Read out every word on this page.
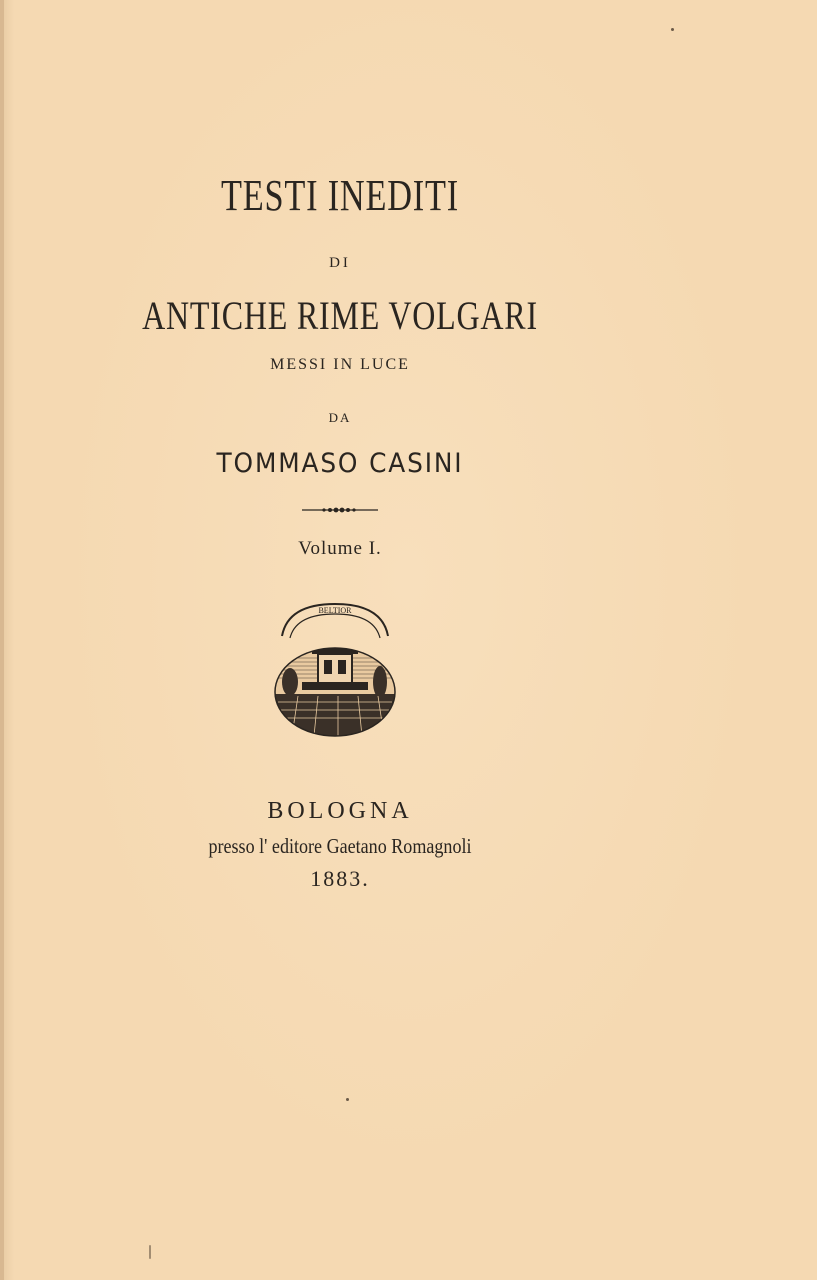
TESTI INEDITI
DI
ANTICHE RIME VOLGARI
MESSI IN LUCE
DA
TOMMASO CASINI
Volume I.
BELTIOR
BOLOGNA
presso l' editore Gaetano Romagnoli
1883.
